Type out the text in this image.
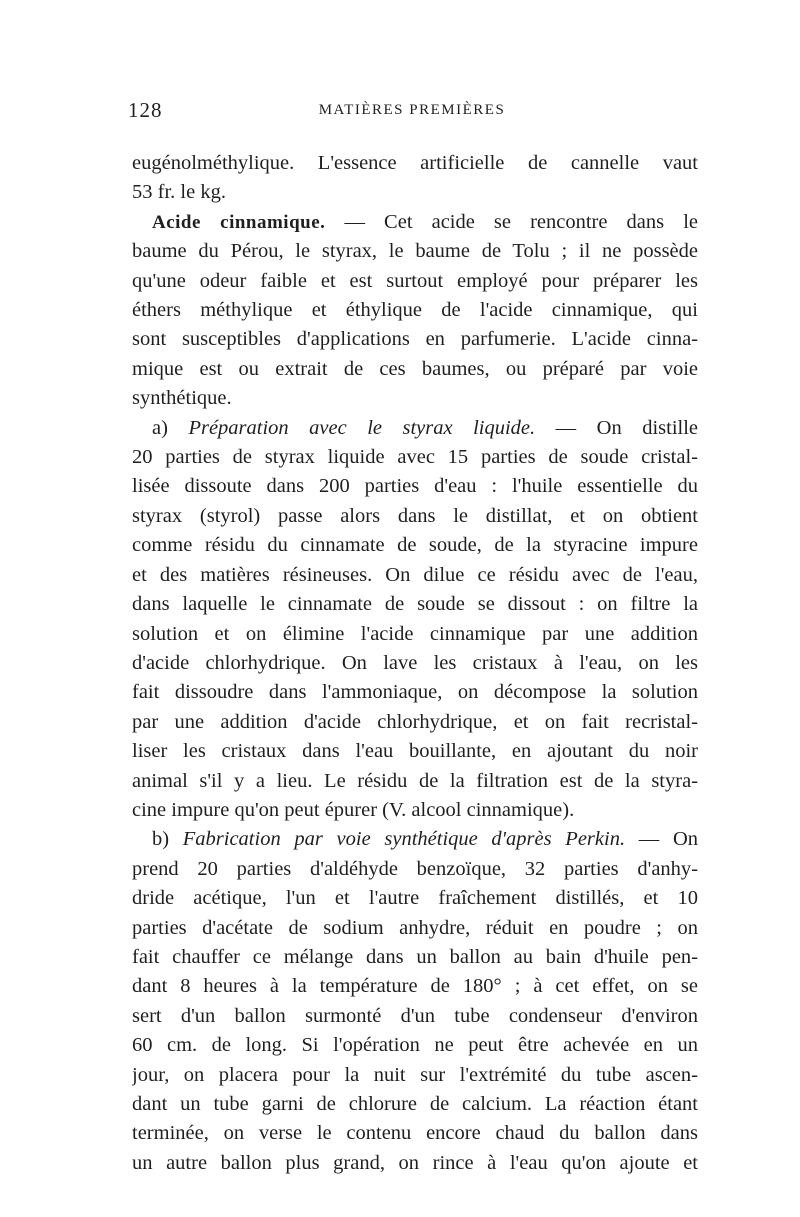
128	MATIÈRES PREMIÈRES
eugénolméthylique. L'essence artificielle de cannelle vaut
53 fr. le kg.
Acide cinnamique. — Cet acide se rencontre dans le
baume du Pérou, le styrax, le baume de Tolu ; il ne possède
qu'une odeur faible et est surtout employé pour préparer les
éthers méthylique et éthylique de l'acide cinnamique, qui
sont susceptibles d'applications en parfumerie. L'acide cinna-
mique est ou extrait de ces baumes, ou préparé par voie
synthétique.
a) Préparation avec le styrax liquide. — On distille
20 parties de styrax liquide avec 15 parties de soude cristal-
lisée dissoute dans 200 parties d'eau : l'huile essentielle du
styrax (styrol) passe alors dans le distillat, et on obtient
comme résidu du cinnamate de soude, de la styracine impure
et des matières résineuses. On dilue ce résidu avec de l'eau,
dans laquelle le cinnamate de soude se dissout : on filtre la
solution et on élimine l'acide cinnamique par une addition
d'acide chlorhydrique. On lave les cristaux à l'eau, on les
fait dissoudre dans l'ammoniaque, on décompose la solution
par une addition d'acide chlorhydrique, et on fait recristal-
liser les cristaux dans l'eau bouillante, en ajoutant du noir
animal s'il y a lieu. Le résidu de la filtration est de la styra-
cine impure qu'on peut épurer (V. alcool cinnamique).
b) Fabrication par voie synthétique d'après Perkin. — On
prend 20 parties d'aldéhyde benzoïque, 32 parties d'anhy-
dride acétique, l'un et l'autre fraîchement distillés, et 10
parties d'acétate de sodium anhydre, réduit en poudre ; on
fait chauffer ce mélange dans un ballon au bain d'huile pen-
dant 8 heures à la température de 180° ; à cet effet, on se
sert d'un ballon surmonté d'un tube condenseur d'environ
60 cm. de long. Si l'opération ne peut être achevée en un
jour, on placera pour la nuit sur l'extrémité du tube ascen-
dant un tube garni de chlorure de calcium. La réaction étant
terminée, on verse le contenu encore chaud du ballon dans
un autre ballon plus grand, on rince à l'eau qu'on ajoute et
